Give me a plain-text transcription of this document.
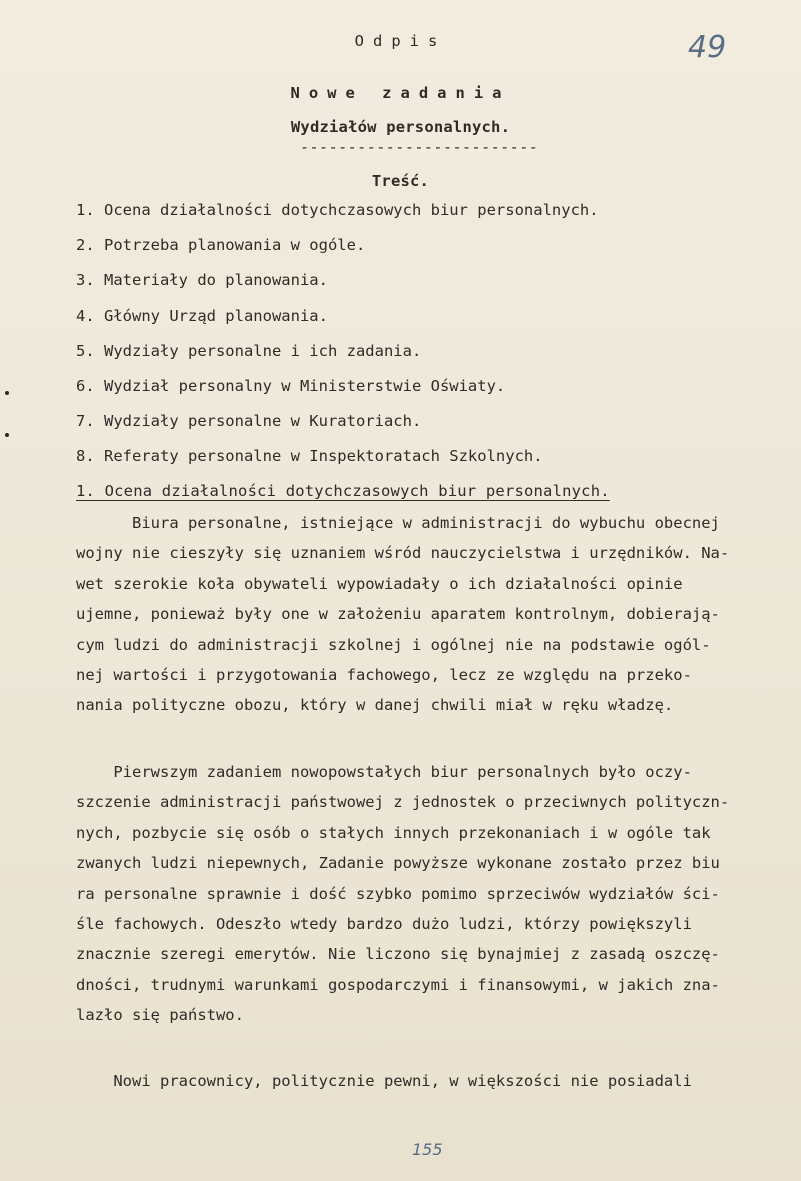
Odpis	49
Nowe zadania
Wydziałów personalnych.
-------------------------
Treść.
1. Ocena działalności dotychczasowych biur personalnych.
2. Potrzeba planowania w ogóle.
3. Materiały do planowania.
4. Główny Urząd planowania.
5. Wydziały personalne i ich zadania.
6. Wydział personalny w Ministerstwie Oświaty.
7. Wydziały personalne w Kuratoriach.
8. Referaty personalne w Inspektoratach Szkolnych.
1. Ocena działalności dotychczasowych biur personalnych.
Biura personalne, istniejące w administracji do wybuchu obecnej
wojny nie cieszyły się uznaniem wśród nauczycielstwa i urzędników. Na-
wet szerokie koła obywateli wypowiadały o ich działalności opinie
ujemne, ponieważ były one w założeniu aparatem kontrolnym, dobierają-
cym ludzi do administracji szkolnej i ogólnej nie na podstawie ogól-
nej wartości i przygotowania fachowego, lecz ze względu na przeko-
nania polityczne obozu, który w danej chwili miał w ręku władzę.
Pierwszym zadaniem nowopowstałych biur personalnych było oczy-
szczenie administracji państwowej z jednostek o przeciwnych polityczn-
nych, pozbycie się osób o stałych innych przekonaniach i w ogóle tak
zwanych ludzi niepewnych, Zadanie powyższe wykonane zostało przez biu
ra personalne sprawnie i dość szybko pomimo sprzeciwów wydziałów ści-
śle fachowych. Odeszło wtedy bardzo dużo ludzi, którzy powiększyli
znacznie szeregi emerytów. Nie liczono się bynajmiej z zasadą oszczę-
dności, trudnymi warunkami gospodarczymi i finansowymi, w jakich zna-
lazło się państwo.
Nowi pracownicy, politycznie pewni, w większości nie posiadali
155
